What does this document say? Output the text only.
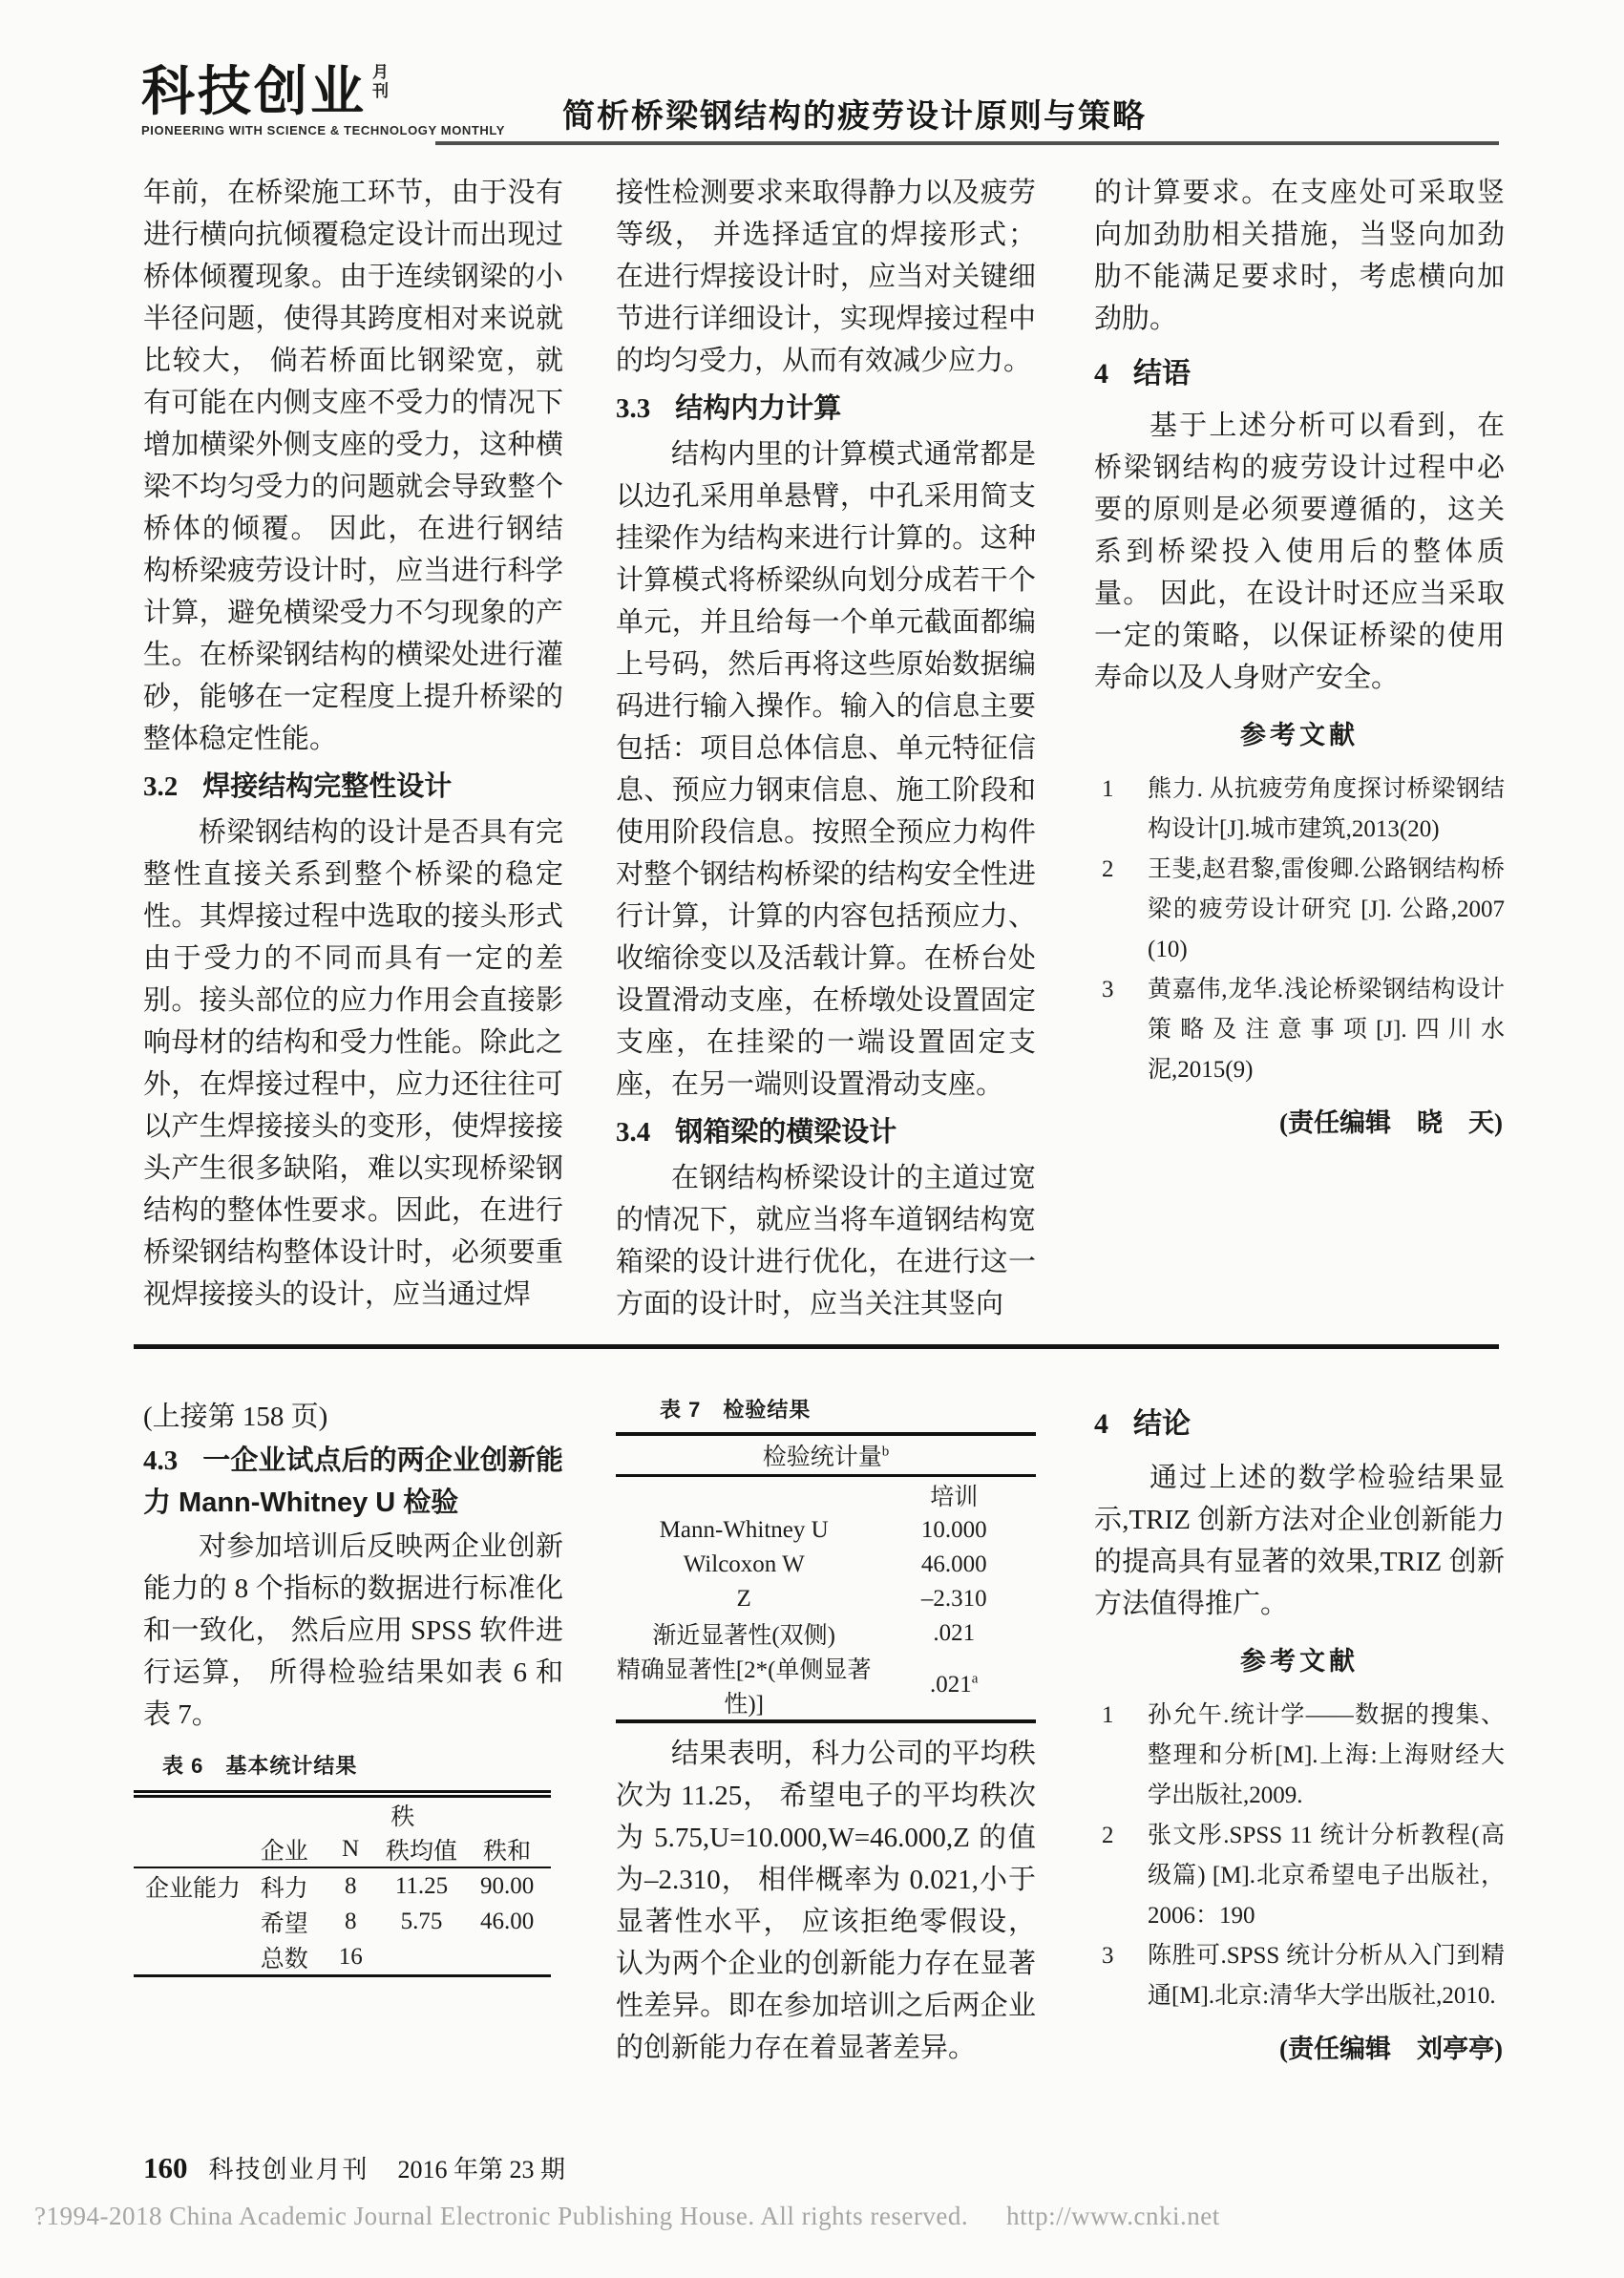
科技创业 月
刊
PIONEERING WITH SCIENCE & TECHNOLOGY MONTHLY	简析桥梁钢结构的疲劳设计原则与策略

年前，在桥梁施工环节，由于没有进行横向抗倾覆稳定设计而出现过桥体倾覆现象。由于连续钢梁的小半径问题，使得其跨度相对来说就比较大， 倘若桥面比钢梁宽，就有可能在内侧支座不受力的情况下增加横梁外侧支座的受力，这种横梁不均匀受力的问题就会导致整个桥体的倾覆。 因此，在进行钢结构桥梁疲劳设计时，应当进行科学计算，避免横梁受力不匀现象的产生。在桥梁钢结构的横梁处进行灌砂，能够在一定程度上提升桥梁的整体稳定性能。

3.2 焊接结构完整性设计

桥梁钢结构的设计是否具有完整性直接关系到整个桥梁的稳定性。其焊接过程中选取的接头形式由于受力的不同而具有一定的差别。接头部位的应力作用会直接影响母材的结构和受力性能。除此之外，在焊接过程中，应力还往往可以产生焊接接头的变形，使焊接接头产生很多缺陷，难以实现桥梁钢结构的整体性要求。因此，在进行桥梁钢结构整体设计时，必须要重视焊接接头的设计，应当通过焊

接性检测要求来取得静力以及疲劳等级， 并选择适宜的焊接形式；在进行焊接设计时，应当对关键细节进行详细设计，实现焊接过程中的均匀受力，从而有效减少应力。

3.3 结构内力计算

结构内里的计算模式通常都是以边孔采用单悬臂，中孔采用简支挂梁作为结构来进行计算的。这种计算模式将桥梁纵向划分成若干个单元，并且给每一个单元截面都编上号码，然后再将这些原始数据编码进行输入操作。输入的信息主要包括：项目总体信息、单元特征信息、预应力钢束信息、施工阶段和使用阶段信息。按照全预应力构件对整个钢结构桥梁的结构安全性进行计算，计算的内容包括预应力、收缩徐变以及活载计算。在桥台处设置滑动支座，在桥墩处设置固定支座，在挂梁的一端设置固定支座，在另一端则设置滑动支座。

3.4 钢箱梁的横梁设计

在钢结构桥梁设计的主道过宽的情况下，就应当将车道钢结构宽箱梁的设计进行优化，在进行这一方面的设计时，应当关注其竖向

的计算要求。在支座处可采取竖向加劲肋相关措施，当竖向加劲肋不能满足要求时，考虑横向加劲肋。

4 结语

基于上述分析可以看到，在桥梁钢结构的疲劳设计过程中必要的原则是必须要遵循的，这关系到桥梁投入使用后的整体质量。 因此，在设计时还应当采取一定的策略，以保证桥梁的使用寿命以及人身财产安全。

参考文献
1 熊力. 从抗疲劳角度探讨桥梁钢结构设计[J].城市建筑,2013(20)
2 王斐,赵君黎,雷俊卿.公路钢结构桥梁的疲劳设计研究 [J]. 公路,2007 (10)
3 黄嘉伟,龙华.浅论桥梁钢结构设计策略及注意事项[J].四川水泥,2015(9)
(责任编辑　晓　天)

(上接第 158 页)

4.3 一企业试点后的两企业创新能力 Mann-Whitney U 检验

对参加培训后反映两企业创新能力的 8 个指标的数据进行标准化和一致化， 然后应用 SPSS 软件进行运算， 所得检验结果如表 6 和表 7。

表 6　基本统计结果
	秩			
	企业	N	秩均值	秩和
企业能力	科力	8	11.25	90.00
	希望	8	5.75	46.00
	总数	16		
表 7　检验结果
检验统计量$^b$
	培训
Mann-Whitney U	10.000
Wilcoxon W	46.000
Z	–2.310
渐近显著性(双侧)	.021
精确显著性[2*(单侧显著性)]	.021$^a$

结果表明，科力公司的平均秩次为 11.25， 希望电子的平均秩次为 5.75,U=10.000,W=46.000,Z 的值为–2.310， 相伴概率为 0.021,小于显著性水平， 应该拒绝零假设，认为两个企业的创新能力存在显著性差异。即在参加培训之后两企业的创新能力存在着显著差异。

4 结论

通过上述的数学检验结果显示,TRIZ 创新方法对企业创新能力的提高具有显著的效果,TRIZ 创新方法值得推广。

参考文献
1 孙允午.统计学——数据的搜集、整理和分析[M].上海:上海财经大学出版社,2009.
2 张文彤.SPSS 11 统计分析教程(高级篇) [M].北京希望电子出版社， 2006：190
3 陈胜可.SPSS 统计分析从入门到精通[M].北京:清华大学出版社,2010.
(责任编辑　刘亭亭)
160 科技创业月刊 2016 年第 23 期
?1994-2018 China Academic Journal Electronic Publishing House. All rights reserved. http://www.cnki.net
